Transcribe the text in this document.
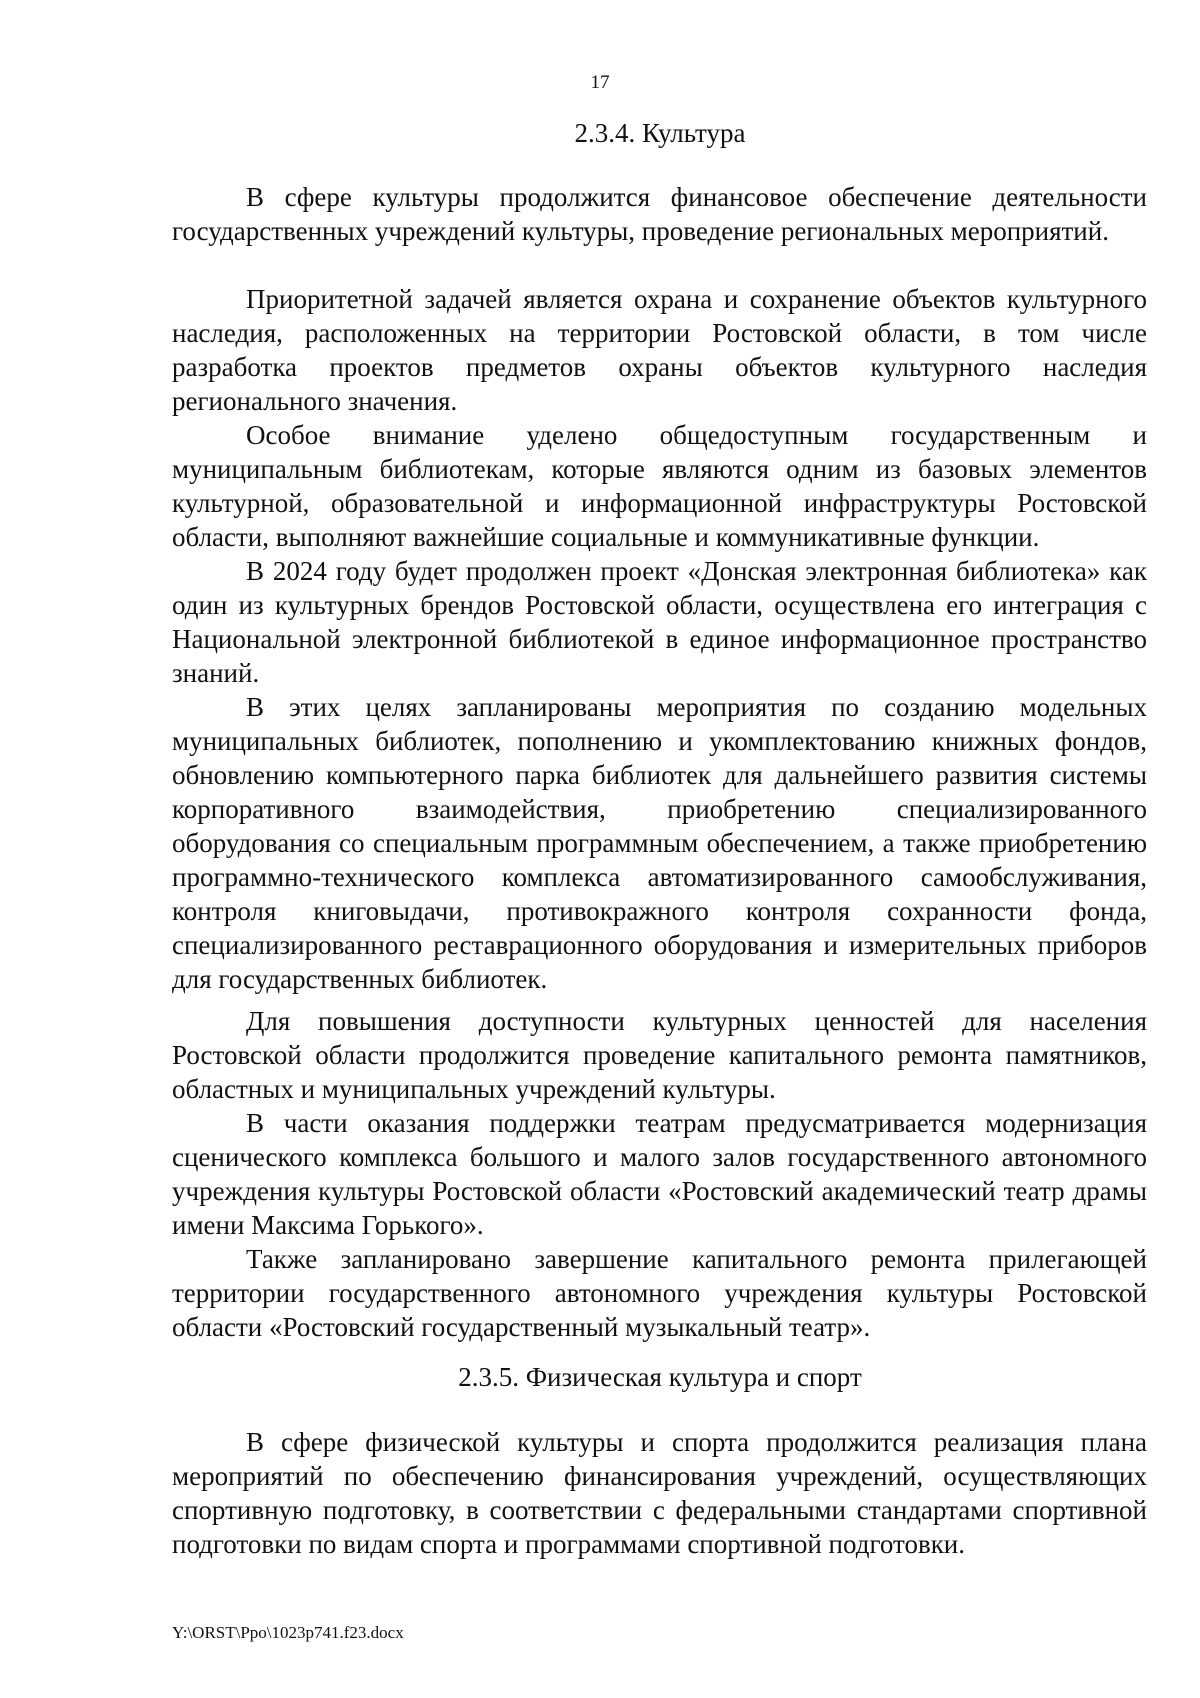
17
2.3.4. Культура

В сфере культуры продолжится финансовое обеспечение деятельности государственных учреждений культуры, проведение региональных мероприятий.

Приоритетной задачей является охрана и сохранение объектов культурного наследия, расположенных на территории Ростовской области, в том числе разработка проектов предметов охраны объектов культурного наследия регионального значения.

Особое внимание уделено общедоступным государственным и муниципальным библиотекам, которые являются одним из базовых элементов культурной, образовательной и информационной инфраструктуры Ростовской области, выполняют важнейшие социальные и коммуникативные функции.

В 2024 году будет продолжен проект «Донская электронная библиотека» как один из культурных брендов Ростовской области, осуществлена его интеграция с Национальной электронной библиотекой в единое информационное пространство знаний.

В этих целях запланированы мероприятия по созданию модельных муниципальных библиотек, пополнению и укомплектованию книжных фондов, обновлению компьютерного парка библиотек для дальнейшего развития системы корпоративного взаимодействия, приобретению специализированного оборудования со специальным программным обеспечением, а также приобретению программно-технического комплекса автоматизированного самообслуживания, контроля книговыдачи, противокражного контроля сохранности фонда, специализированного реставрационного оборудования и измерительных приборов для государственных библиотек.

Для повышения доступности культурных ценностей для населения Ростовской области продолжится проведение капитального ремонта памятников, областных и муниципальных учреждений культуры.

В части оказания поддержки театрам предусматривается модернизация сценического комплекса большого и малого залов государственного автономного учреждения культуры Ростовской области «Ростовский академический театр драмы имени Максима Горького».

Также запланировано завершение капитального ремонта прилегающей территории государственного автономного учреждения культуры Ростовской области «Ростовский государственный музыкальный театр».

2.3.5. Физическая культура и спорт

В сфере физической культуры и спорта продолжится реализация плана мероприятий по обеспечению финансирования учреждений, осуществляющих спортивную подготовку, в соответствии с федеральными стандартами спортивной подготовки по видам спорта и программами спортивной подготовки.

Y:\ORST\Ppo\1023p741.f23.docx
